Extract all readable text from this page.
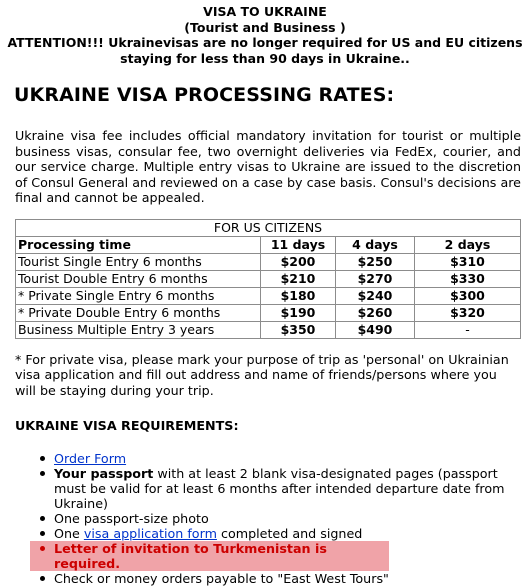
VISA TO UKRAINE
(Tourist and Business )
ATTENTION!!! Ukrainevisas are no longer required for US and EU citizens
staying for less than 90 days in Ukraine..
UKRAINE VISA PROCESSING RATES:

Ukraine visa fee includes official mandatory invitation for tourist or multiple business visas, consular fee, two overnight deliveries via FedEx, courier, and our service charge. Multiple entry visas to Ukraine are issued to the discretion of Consul General and reviewed on a case by case basis. Consul's decisions are final and cannot be appealed.

FOR US CITIZENS			
Processing time	11 days	4 days	2 days
Tourist Single Entry 6 months	$200	$250	$310
Tourist Double Entry 6 months	$210	$270	$330
* Private Single Entry 6 months	$180	$240	$300
* Private Double Entry 6 months	$190	$260	$320
Business Multiple Entry 3 years	$350	$490	-

* For private visa, please mark your purpose of trip as 'personal' on Ukrainian visa application and fill out address and name of friends/persons where you will be staying during your trip.

UKRAINE VISA REQUIREMENTS:
Order Form
Your passport with at least 2 blank visa-designated pages (passport must be valid for at least 6 months after intended departure date from Ukraine)
One passport-size photo
One visa application form completed and signed
Letter of invitation to Turkmenistan is required.
Check or money orders payable to "East West Tours"
